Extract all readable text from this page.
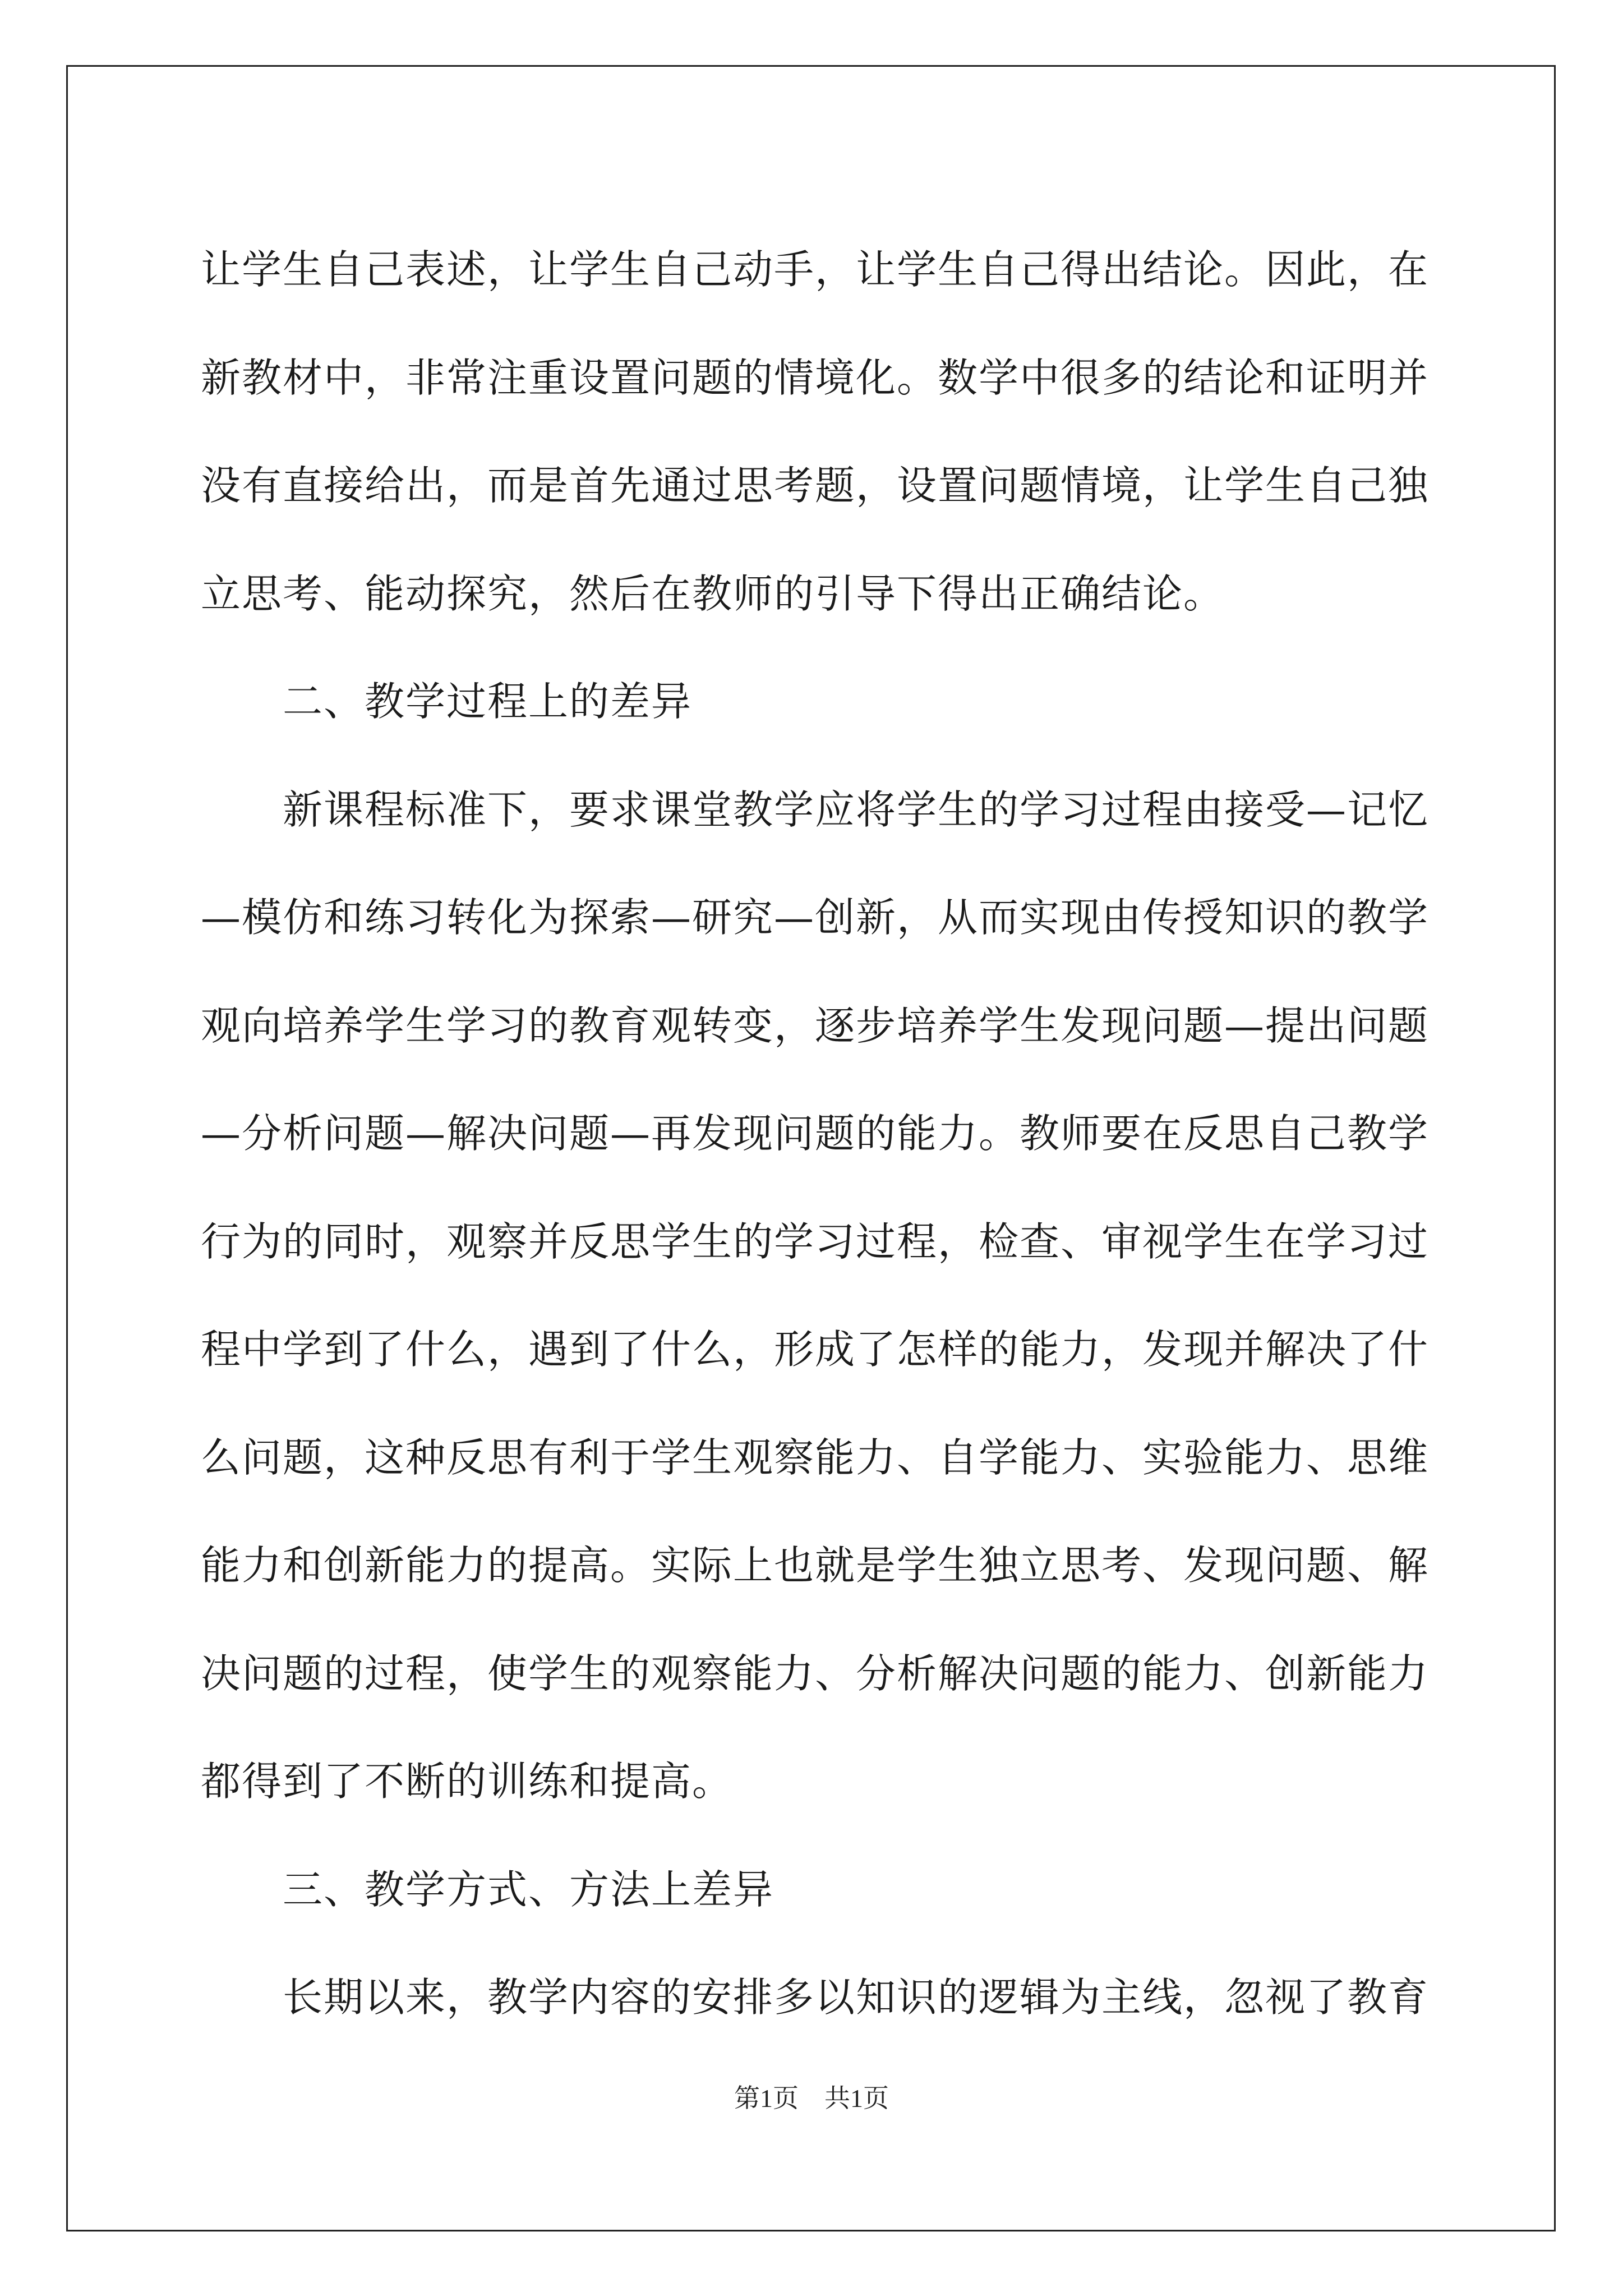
让学生自己表述，让学生自己动手，让学生自己得出结论。因此，在新教材中，非常注重设置问题的情境化。数学中很多的结论和证明并没有直接给出，而是首先通过思考题，设置问题情境，让学生自己独立思考、能动探究，然后在教师的引导下得出正确结论。

二、教学过程上的差异

新课程标准下，要求课堂教学应将学生的学习过程由接受—记忆—模仿和练习转化为探索—研究—创新，从而实现由传授知识的教学观向培养学生学习的教育观转变，逐步培养学生发现问题—提出问题—分析问题—解决问题—再发现问题的能力。教师要在反思自己教学行为的同时，观察并反思学生的学习过程，检查、审视学生在学习过程中学到了什么，遇到了什么，形成了怎样的能力，发现并解决了什么问题，这种反思有利于学生观察能力、自学能力、实验能力、思维能力和创新能力的提高。实际上也就是学生独立思考、发现问题、解决问题的过程，使学生的观察能力、分析解决问题的能力、创新能力都得到了不断的训练和提高。

三、教学方式、方法上差异

长期以来，教学内容的安排多以知识的逻辑为主线，忽视了教育

第1页　共1页
